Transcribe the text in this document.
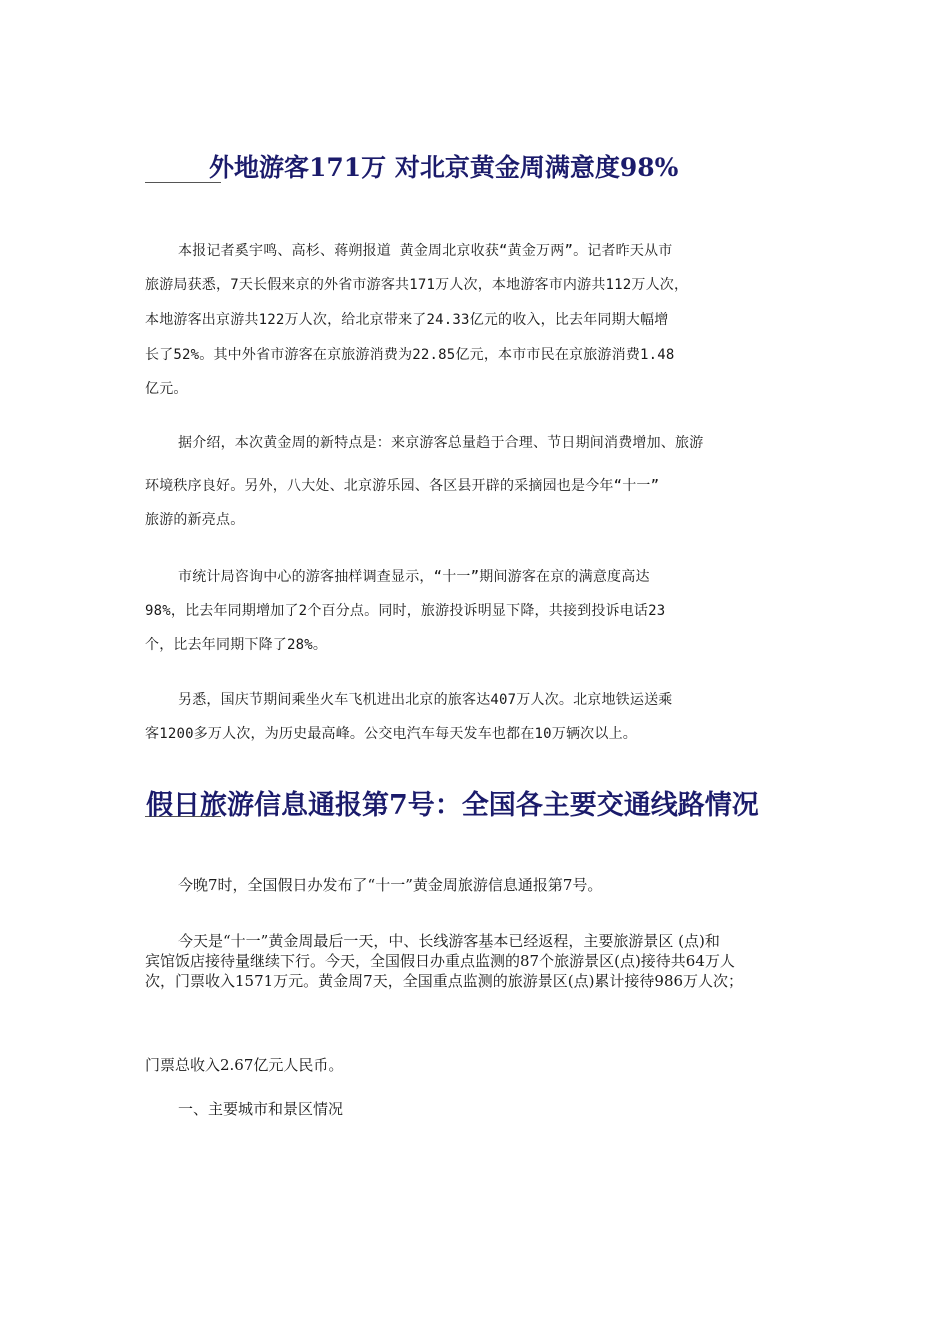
外地游客171万 对北京黄金周满意度98%

本报记者奚宇鸣、高杉、蒋朔报道 黄金周北京收获“黄金万两”。记者昨天从市

旅游局获悉，7天长假来京的外省市游客共171万人次，本地游客市内游共112万人次，

本地游客出京游共122万人次，给北京带来了24.33亿元的收入，比去年同期大幅增

长了52%。其中外省市游客在京旅游消费为22.85亿元，本市市民在京旅游消费1.48

亿元。

据介绍，本次黄金周的新特点是：来京游客总量趋于合理、节日期间消费增加、旅游

环境秩序良好。另外，八大处、北京游乐园、各区县开辟的采摘园也是今年“十一”

旅游的新亮点。

市统计局咨询中心的游客抽样调查显示，“十一”期间游客在京的满意度高达

98%，比去年同期增加了2个百分点。同时，旅游投诉明显下降，共接到投诉电话23

个，比去年同期下降了28%。

另悉，国庆节期间乘坐火车飞机进出北京的旅客达407万人次。北京地铁运送乘

客1200多万人次，为历史最高峰。公交电汽车每天发车也都在10万辆次以上。

假日旅游信息通报第7号：全国各主要交通线路情况

今晚7时，全国假日办发布了“十一”黄金周旅游信息通报第7号。

今天是“十一”黄金周最后一天，中、长线游客基本已经返程，主要旅游景区 (点)和

宾馆饭店接待量继续下行。今天，全国假日办重点监测的87个旅游景区(点)接待共64万人

次，门票收入1571万元。黄金周7天，全国重点监测的旅游景区(点)累计接待986万人次；

门票总收入2.67亿元人民币。

一、主要城市和景区情况
